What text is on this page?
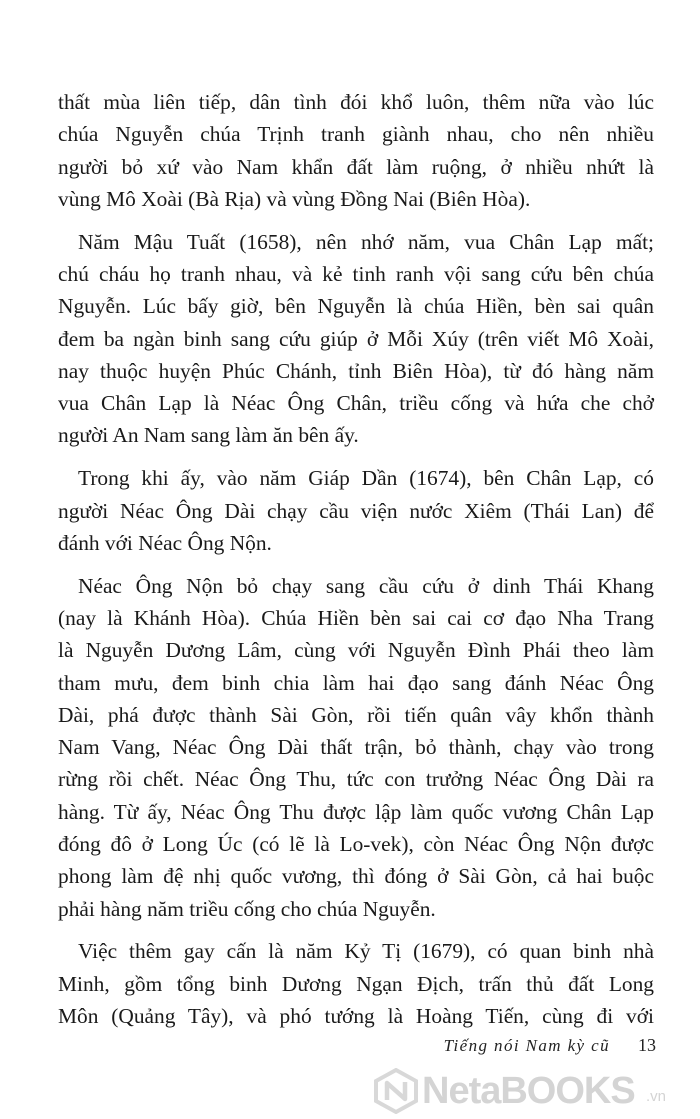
thất mùa liên tiếp, dân tình đói khổ luôn, thêm nữa vào lúc
chúa Nguyễn chúa Trịnh tranh giành nhau, cho nên nhiều
người bỏ xứ vào Nam khẩn đất làm ruộng, ở nhiều nhứt là
vùng Mô Xoài (Bà Rịa) và vùng Đồng Nai (Biên Hòa).

Năm Mậu Tuất (1658), nên nhớ năm, vua Chân Lạp mất;
chú cháu họ tranh nhau, và kẻ tinh ranh vội sang cứu bên chúa
Nguyễn. Lúc bấy giờ, bên Nguyễn là chúa Hiền, bèn sai quân
đem ba ngàn binh sang cứu giúp ở Mỗi Xúy (trên viết Mô Xoài,
nay thuộc huyện Phúc Chánh, tỉnh Biên Hòa), từ đó hàng năm
vua Chân Lạp là Néac Ông Chân, triều cống và hứa che chở
người An Nam sang làm ăn bên ấy.

Trong khi ấy, vào năm Giáp Dần (1674), bên Chân Lạp, có
người Néac Ông Dài chạy cầu viện nước Xiêm (Thái Lan) để
đánh với Néac Ông Nộn.

Néac Ông Nộn bỏ chạy sang cầu cứu ở dinh Thái Khang
(nay là Khánh Hòa). Chúa Hiền bèn sai cai cơ đạo Nha Trang
là Nguyễn Dương Lâm, cùng với Nguyễn Đình Phái theo làm
tham mưu, đem binh chia làm hai đạo sang đánh Néac Ông
Dài, phá được thành Sài Gòn, rồi tiến quân vây khổn thành
Nam Vang, Néac Ông Dài thất trận, bỏ thành, chạy vào trong
rừng rồi chết. Néac Ông Thu, tức con trưởng Néac Ông Dài ra
hàng. Từ ấy, Néac Ông Thu được lập làm quốc vương Chân Lạp
đóng đô ở Long Úc (có lẽ là Lo-vek), còn Néac Ông Nộn được
phong làm đệ nhị quốc vương, thì đóng ở Sài Gòn, cả hai buộc
phải hàng năm triều cống cho chúa Nguyễn.

Việc thêm gay cấn là năm Kỷ Tị (1679), có quan binh nhà
Minh, gồm tổng binh Dương Ngạn Địch, trấn thủ đất Long
Môn (Quảng Tây), và phó tướng là Hoàng Tiến, cùng đi với

Tiếng nói Nam kỳ cũ 13
NetaBOOKS .vn
